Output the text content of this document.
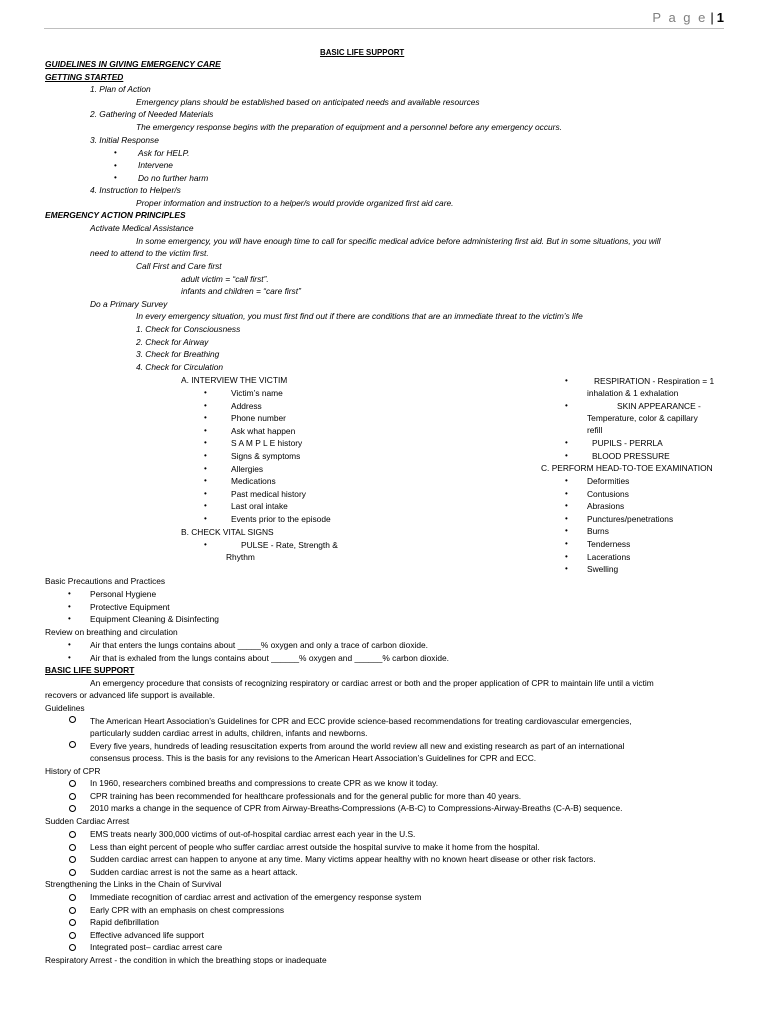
P a g e | 1
BASIC LIFE SUPPORT
GUIDELINES IN GIVING EMERGENCY CARE
GETTING STARTED
1. Plan of Action
Emergency plans should be established based on anticipated needs and available resources
2. Gathering of Needed Materials
The emergency response begins with the preparation of equipment and a personnel before any emergency occurs.
3. Initial Response
•	Ask for HELP.
•	Intervene
•	Do no further harm
4. Instruction to Helper/s
Proper information and instruction to a helper/s would provide organized first aid care.
EMERGENCY ACTION PRINCIPLES
Activate Medical Assistance
In some emergency, you will have enough time to call for specific medical advice before administering first aid. But in some situations, you will
need to attend to the victim first.
Call First and Care first
adult victim = “call first”.
infants and children = “care first”
Do a Primary Survey
In every emergency situation, you must first find out if there are conditions that are an immediate threat to the victim’s life
1. Check for Consciousness
2. Check for Airway
3. Check for Breathing
4. Check for Circulation
A. INTERVIEW THE VICTIM
•	Victim’s name
•	Address
•	Phone number
•	Ask what happen
•	S A M P L E history
•	Signs & symptoms
•	Allergies
•	Medications
•	Past medical history
•	Last oral intake
•	Events prior to the episode
B. CHECK VITAL SIGNS
•	PULSE - Rate, Strength &
Rhythm
•	RESPIRATION - Respiration = 1
inhalation & 1 exhalation
•	SKIN APPEARANCE -
Temperature, color & capillary
refill
•	PUPILS - PERRLA
•	BLOOD PRESSURE
C. PERFORM HEAD-TO-TOE EXAMINATION
• Deformities
• Contusions
• Abrasions
• Punctures/penetrations
• Burns
• Tenderness
• Lacerations
• Swelling
Basic Precautions and Practices
• Personal Hygiene
• Protective Equipment
• Equipment Cleaning & Disinfecting
Review on breathing and circulation
• Air that enters the lungs contains about _____% oxygen and only a trace of carbon dioxide.
• Air that is exhaled from the lungs contains about ______% oxygen and ______% carbon dioxide.
BASIC LIFE SUPPORT
An emergency procedure that consists of recognizing respiratory or cardiac arrest or both and the proper application of CPR to maintain life until a victim
recovers or advanced life support is available.
Guidelines
The American Heart Association’s Guidelines for CPR and ECC provide science-based recommendations for treating cardiovascular emergencies,
particularly sudden cardiac arrest in adults, children, infants and newborns.
Every five years, hundreds of leading resuscitation experts from around the world review all new and existing research as part of an international
consensus process. This is the basis for any revisions to the American Heart Association’s Guidelines for CPR and ECC.
History of CPR
In 1960, researchers combined breaths and compressions to create CPR as we know it today.
CPR training has been recommended for healthcare professionals and for the general public for more than 40 years.
2010 marks a change in the sequence of CPR from Airway-Breaths-Compressions (A-B-C) to Compressions-Airway-Breaths (C-A-B) sequence.
Sudden Cardiac Arrest
EMS treats nearly 300,000 victims of out-of-hospital cardiac arrest each year in the U.S.
Less than eight percent of people who suffer cardiac arrest outside the hospital survive to make it home from the hospital.
Sudden cardiac arrest can happen to anyone at any time. Many victims appear healthy with no known heart disease or other risk factors.
Sudden cardiac arrest is not the same as a heart attack.
Strengthening the Links in the Chain of Survival
Immediate recognition of cardiac arrest and activation of the emergency response system
Early CPR with an emphasis on chest compressions
Rapid defibrillation
Effective advanced life support
Integrated post– cardiac arrest care
Respiratory Arrest - the condition in which the breathing stops or inadequate
